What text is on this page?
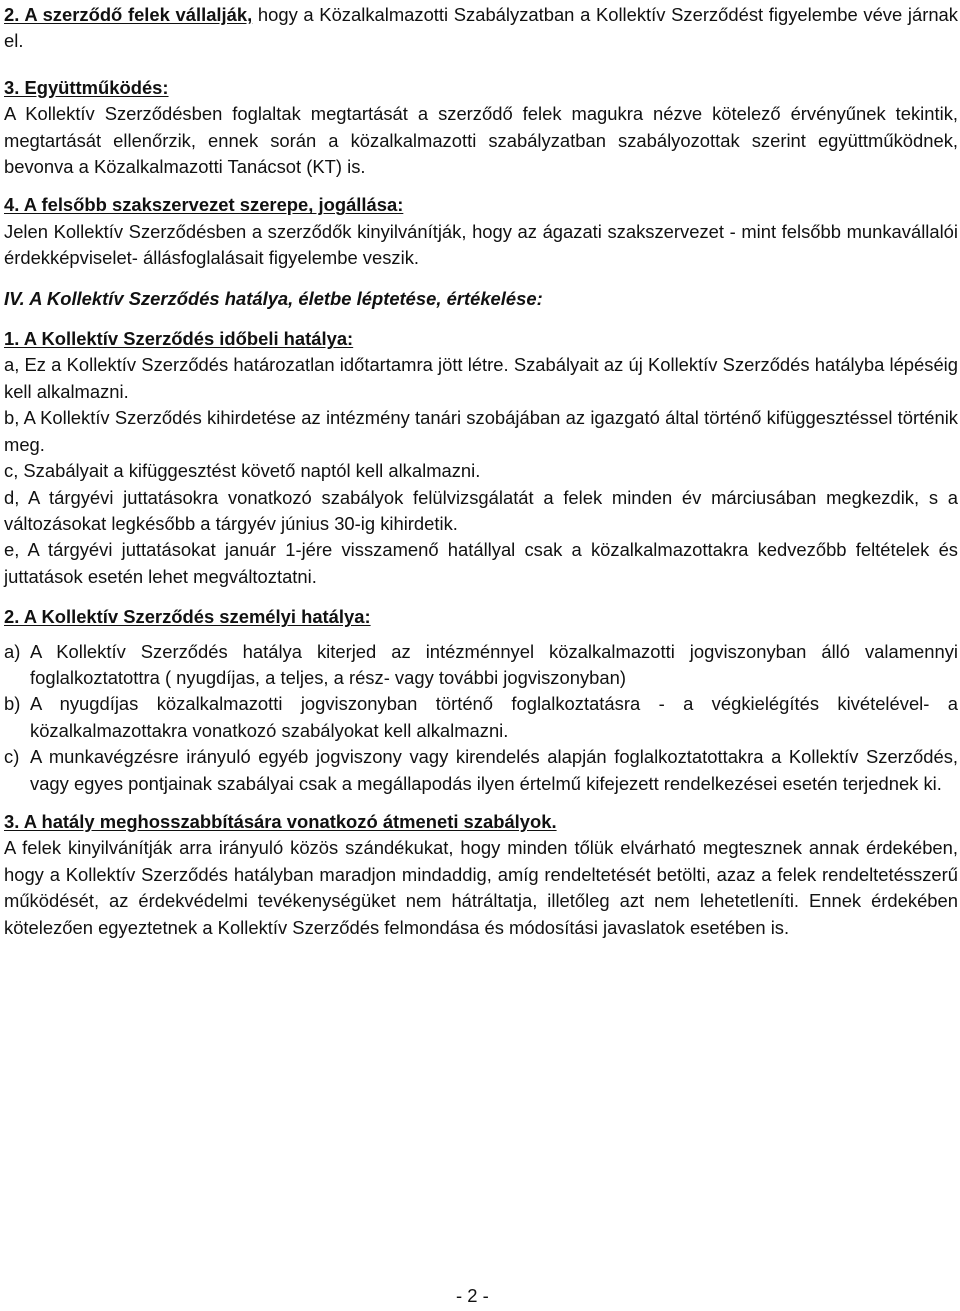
2. A szerződő felek vállalják, hogy a Közalkalmazotti Szabályzatban a Kollektív Szerződést figyelembe véve járnak el.

3. Együttműködés:

A Kollektív Szerződésben foglaltak megtartását a szerződő felek magukra nézve kötelező érvényűnek tekintik, megtartását ellenőrzik, ennek során a közalkalmazotti szabályzatban szabályozottak szerint együttműködnek, bevonva a Közalkalmazotti Tanácsot (KT) is.

4. A felsőbb szakszervezet szerepe, jogállása:

Jelen Kollektív Szerződésben a szerződők kinyilvánítják, hogy az ágazati szakszervezet - mint felsőbb munkavállalói érdekképviselet- állásfoglalásait figyelembe veszik.

IV. A Kollektív Szerződés hatálya, életbe léptetése, értékelése:

1. A Kollektív Szerződés időbeli hatálya:

a, Ez a Kollektív Szerződés határozatlan időtartamra jött létre. Szabályait az új Kollektív Szerződés hatályba lépéséig kell alkalmazni.

b, A Kollektív Szerződés kihirdetése az intézmény tanári szobájában az igazgató által történő kifüggesztéssel történik meg.

c, Szabályait a kifüggesztést követő naptól kell alkalmazni.

d, A tárgyévi juttatásokra vonatkozó szabályok felülvizsgálatát a felek minden év márciusában megkezdik, s a változásokat legkésőbb a tárgyév június 30-ig kihirdetik.

e, A tárgyévi juttatásokat január 1-jére visszamenő hatállyal csak a közalkalmazottakra kedvezőbb feltételek és juttatások esetén lehet megváltoztatni.

2. A Kollektív Szerződés személyi hatálya:

a) A Kollektív Szerződés hatálya kiterjed az intézménnyel közalkalmazotti jogviszonyban álló valamennyi foglalkoztatottra ( nyugdíjas, a teljes, a rész- vagy további jogviszonyban)
b) A nyugdíjas közalkalmazotti jogviszonyban történő foglalkoztatásra - a végkielégítés kivételével- a közalkalmazottakra vonatkozó szabályokat kell alkalmazni.
c) A munkavégzésre irányuló egyéb jogviszony vagy kirendelés alapján foglalkoztatottakra a Kollektív Szerződés, vagy egyes pontjainak szabályai csak a megállapodás ilyen értelmű kifejezett rendelkezései esetén terjednek ki.

3. A hatály meghosszabbítására vonatkozó átmeneti szabályok.

A felek kinyilvánítják arra irányuló közös szándékukat, hogy minden tőlük elvárható megtesznek annak érdekében, hogy a Kollektív Szerződés hatályban maradjon mindaddig, amíg rendeltetését betölti, azaz a felek rendeltetésszerű működését, az érdekvédelmi tevékenységüket nem hátráltatja, illetőleg azt nem lehetetleníti. Ennek érdekében kötelezően egyeztetnek a Kollektív Szerződés felmondása és módosítási javaslatok esetében is.

- 2 -
